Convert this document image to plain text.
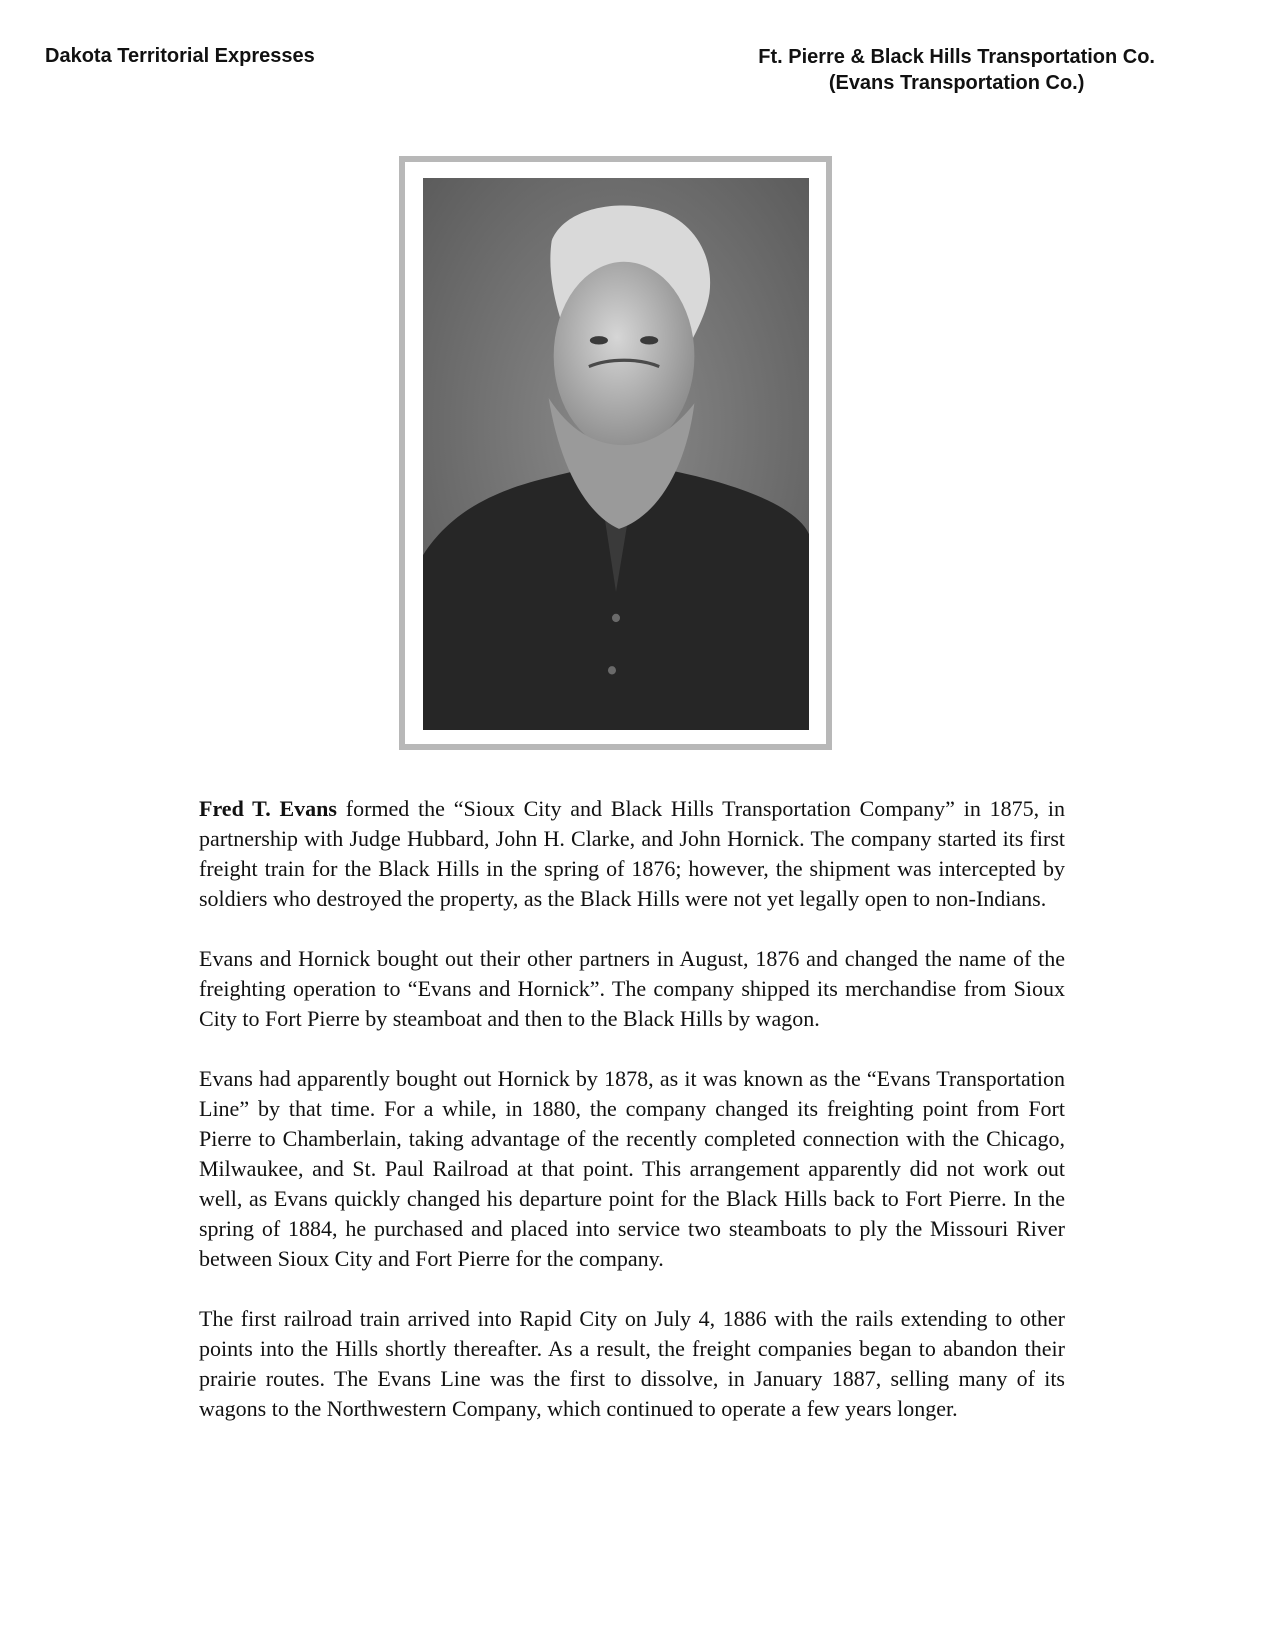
Dakota Territorial Expresses	Ft. Pierre & Black Hills Transportation Co.
(Evans Transportation Co.)

Fred T. Evans formed the “Sioux City and Black Hills Transportation Company” in 1875, in partnership with Judge Hubbard, John H. Clarke, and John Hornick. The company started its first freight train for the Black Hills in the spring of 1876; however, the shipment was intercepted by soldiers who destroyed the property, as the Black Hills were not yet legally open to non-Indians.

Evans and Hornick bought out their other partners in August, 1876 and changed the name of the freighting operation to “Evans and Hornick”. The company shipped its merchandise from Sioux City to Fort Pierre by steamboat and then to the Black Hills by wagon.

Evans had apparently bought out Hornick by 1878, as it was known as the “Evans Transportation Line” by that time. For a while, in 1880, the company changed its freighting point from Fort Pierre to Chamberlain, taking advantage of the recently completed connection with the Chicago, Milwaukee, and St. Paul Railroad at that point. This arrangement apparently did not work out well, as Evans quickly changed his departure point for the Black Hills back to Fort Pierre. In the spring of 1884, he purchased and placed into service two steamboats to ply the Missouri River between Sioux City and Fort Pierre for the company.

The first railroad train arrived into Rapid City on July 4, 1886 with the rails extending to other points into the Hills shortly thereafter. As a result, the freight companies began to abandon their prairie routes. The Evans Line was the first to dissolve, in January 1887, selling many of its wagons to the Northwestern Company, which continued to operate a few years longer.
